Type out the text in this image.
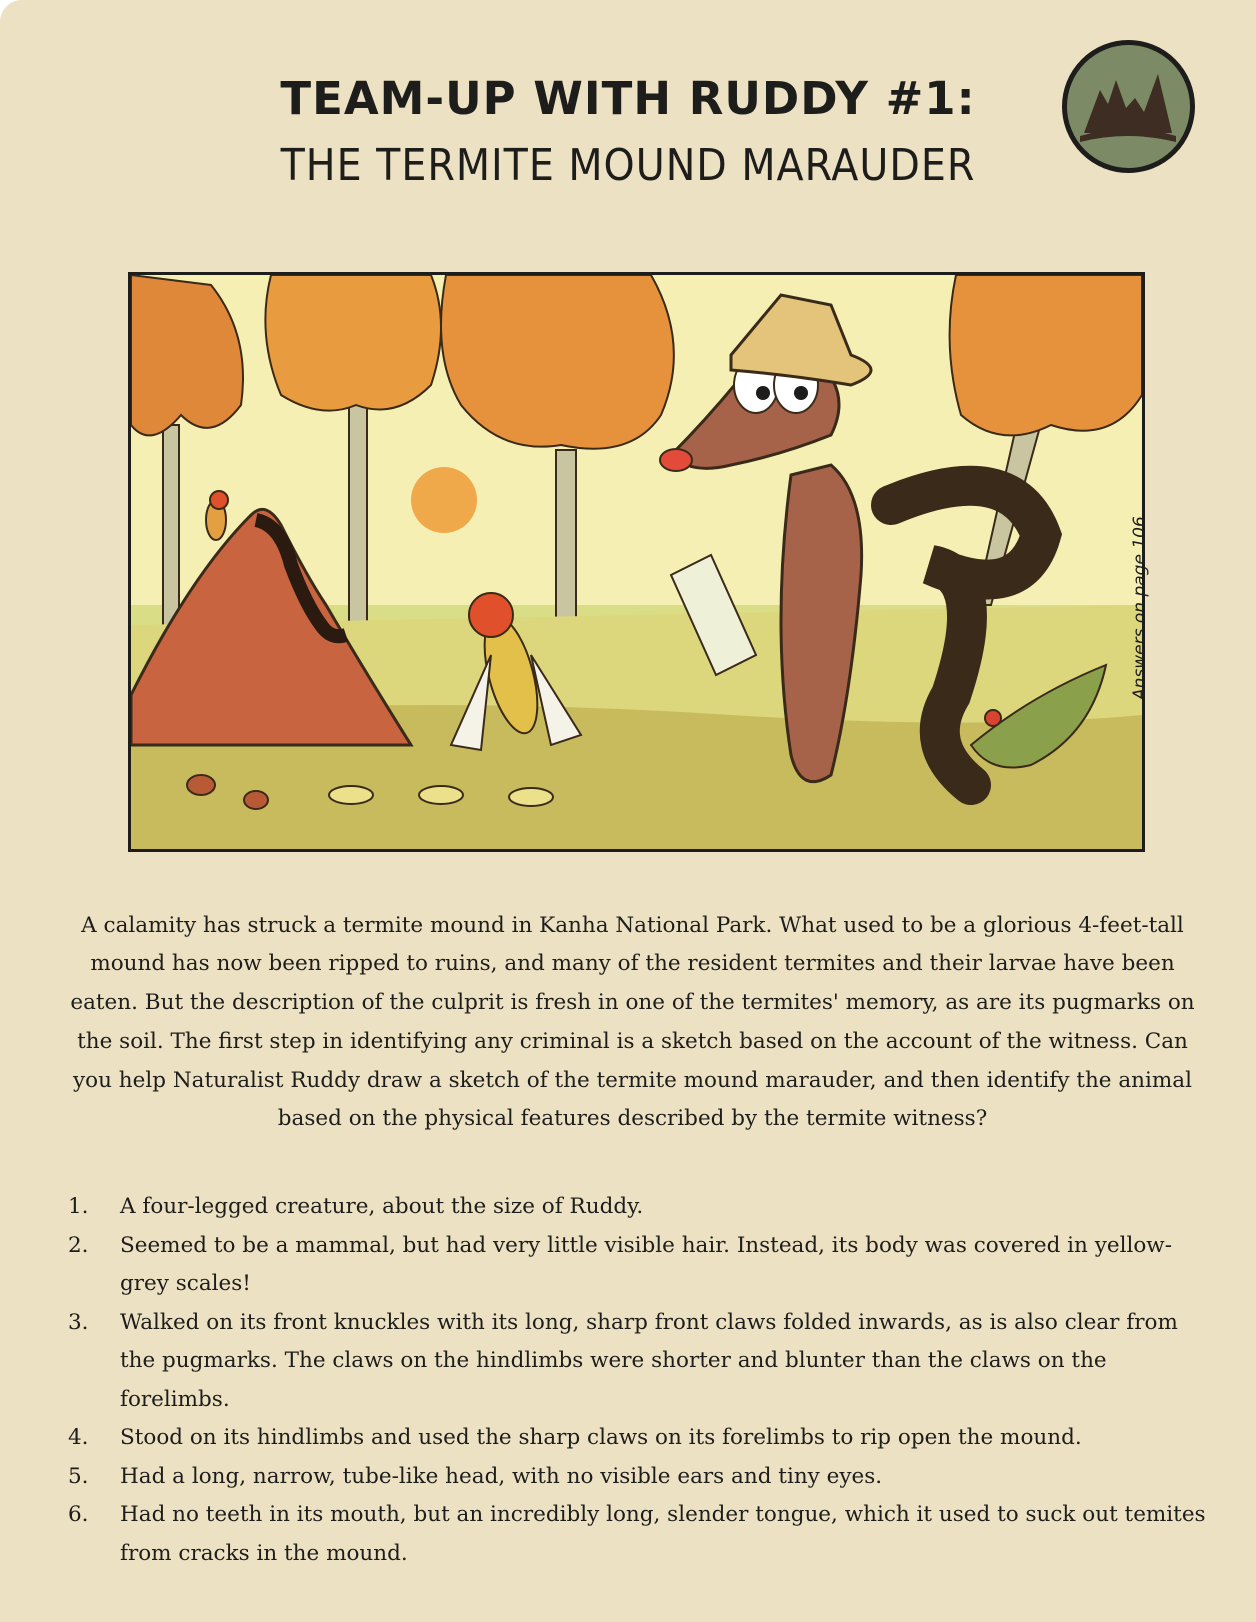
TEAM-UP WITH RUDDY #1:
THE TERMITE MOUND MARAUDER
Answers on page 106

A calamity has struck a termite mound in Kanha National Park. What used to be a glorious 4-feet-tall mound has now been ripped to ruins, and many of the resident termites and their larvae have been eaten. But the description of the culprit is fresh in one of the termites' memory, as are its pugmarks on the soil. The first step in identifying any criminal is a sketch based on the account of the witness. Can you help Naturalist Ruddy draw a sketch of the termite mound marauder, and then identify the animal based on the physical features described by the termite witness?

1. A four-legged creature, about the size of Ruddy.
2. Seemed to be a mammal, but had very little visible hair. Instead, its body was covered in yellow-grey scales!
3. Walked on its front knuckles with its long, sharp front claws folded inwards, as is also clear from the pugmarks. The claws on the hindlimbs were shorter and blunter than the claws on the forelimbs.
4. Stood on its hindlimbs and used the sharp claws on its forelimbs to rip open the mound.
5. Had a long, narrow, tube-like head, with no visible ears and tiny eyes.
6. Had no teeth in its mouth, but an incredibly long, slender tongue, which it used to suck out temites from cracks in the mound.
